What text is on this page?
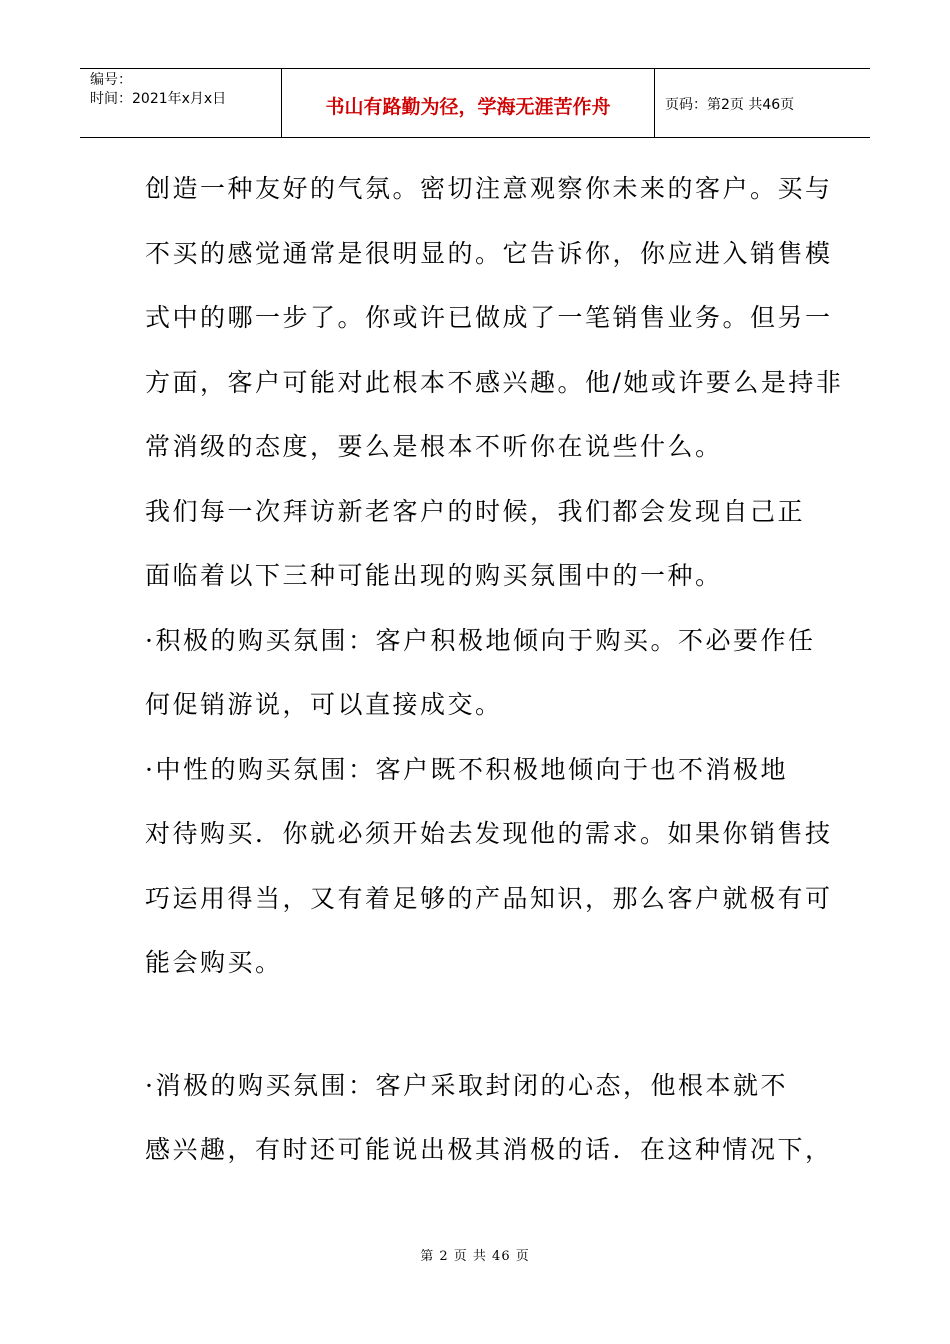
编号：
时间：2021年x月x日	书山有路勤为径，学海无涯苦作舟	页码：第2页 共46页

创造一种友好的气氛。密切注意观察你未来的客户。买与

不买的感觉通常是很明显的。它告诉你，你应进入销售模

式中的哪一步了。你或许已做成了一笔销售业务。但另一

方面，客户可能对此根本不感兴趣。他/她或许要么是持非

常消级的态度，要么是根本不听你在说些什么。

我们每一次拜访新老客户的时候，我们都会发现自己正

面临着以下三种可能出现的购买氛围中的一种。

·积极的购买氛围：客户积极地倾向于购买。不必要作任

何促销游说，可以直接成交。

·中性的购买氛围：客户既不积极地倾向于也不消极地

对待购买．你就必须开始去发现他的需求。如果你销售技

巧运用得当，又有着足够的产品知识，那么客户就极有可

能会购买。

·消极的购买氛围：客户采取封闭的心态，他根本就不

感兴趣，有时还可能说出极其消极的话．在这种情况下，

第 2 页 共 46 页
